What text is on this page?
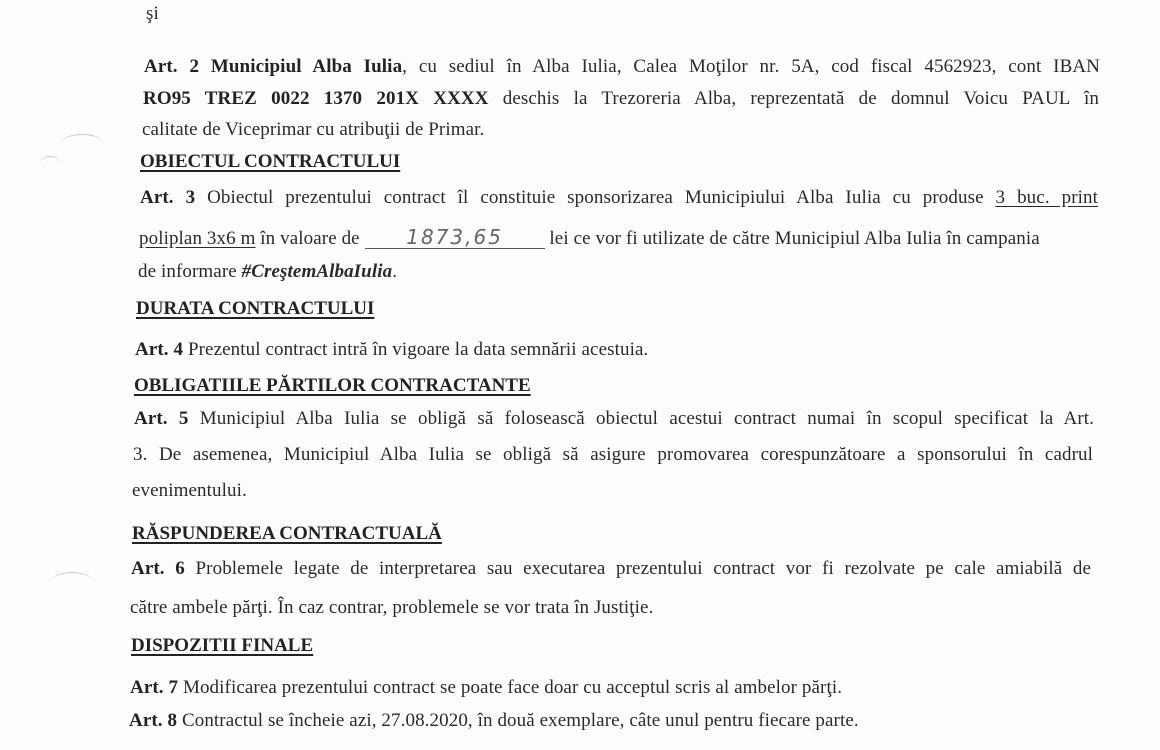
şi
Art. 2 Municipiul Alba Iulia, cu sediul în Alba Iulia, Calea Moţilor nr. 5A, cod fiscal 4562923, cont IBAN
RO95 TREZ 0022 1370 201X XXXX deschis la Trezoreria Alba, reprezentată de domnul Voicu PAUL în
calitate de Viceprimar cu atribuţii de Primar.
OBIECTUL CONTRACTULUI
Art. 3 Obiectul prezentului contract îl constituie sponsorizarea Municipiului Alba Iulia cu produse 3 buc. print
poliplan 3x6 m în valoare de 1873,65 lei ce vor fi utilizate de către Municipiul Alba Iulia în campania
de informare #CreştemAlbaIulia.
DURATA CONTRACTULUI
Art. 4 Prezentul contract intră în vigoare la data semnării acestuia.
OBLIGATIILE PĂRTILOR CONTRACTANTE
Art. 5 Municipiul Alba Iulia se obligă să folosească obiectul acestui contract numai în scopul specificat la Art.
3. De asemenea, Municipiul Alba Iulia se obligă să asigure promovarea corespunzătoare a sponsorului în cadrul
evenimentului.
RĂSPUNDEREA CONTRACTUALĂ
Art. 6 Problemele legate de interpretarea sau executarea prezentului contract vor fi rezolvate pe cale amiabilă de
către ambele părţi. În caz contrar, problemele se vor trata în Justiţie.
DISPOZITII FINALE
Art. 7 Modificarea prezentului contract se poate face doar cu acceptul scris al ambelor părţi.
Art. 8 Contractul se încheie azi, 27.08.2020, în două exemplare, câte unul pentru fiecare parte.
